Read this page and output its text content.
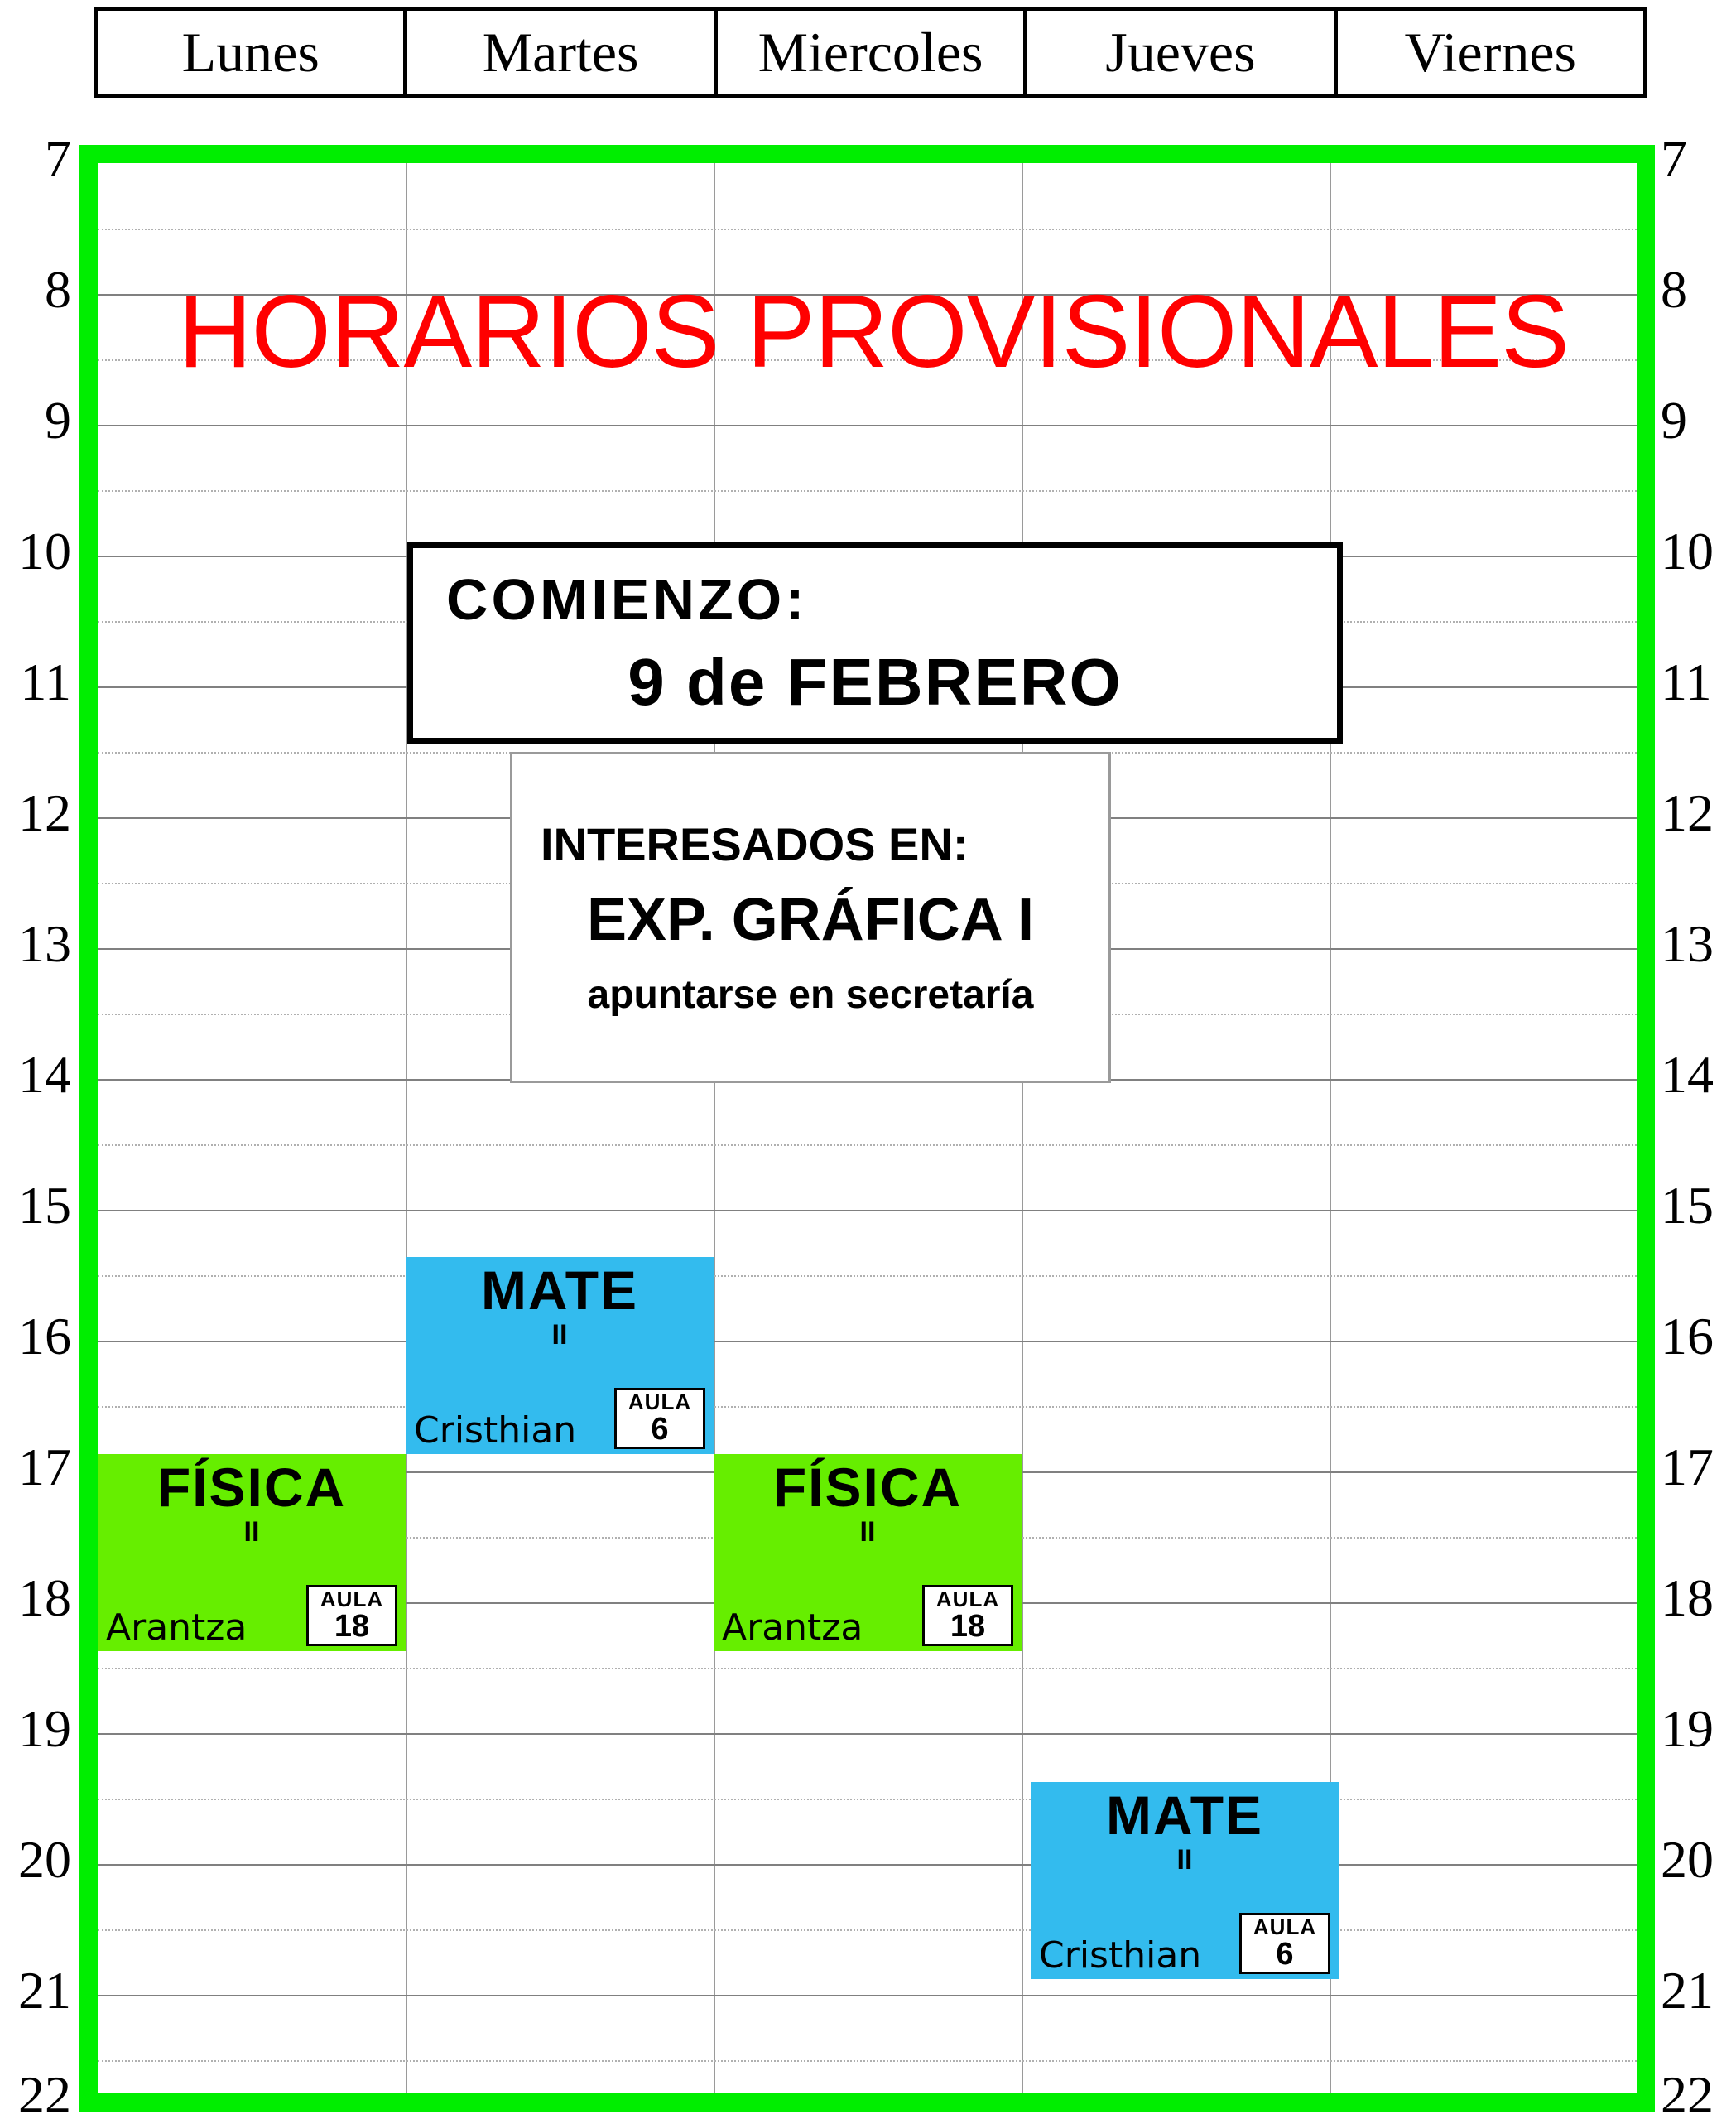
Lunes	Martes Miercoles Jueves	Viernes
7
8
9
10
11
12
13
14
15
16
17
18
19
20
21
22
7
8
9
10
11
12
13
14
15
16
17
18
19
20
21
22
HORARIOS PROVISIONALES
COMIENZO:
9 de FEBRERO
INTERESADOS EN:
EXP. GRÁFICA I
apuntarse en secretaría
MATE
II
Cristhian
AULA
6
FÍSICA
II
Arantza
AULA
18
FÍSICA
II
Arantza
AULA
18
MATE
II
Cristhian
AULA
6
